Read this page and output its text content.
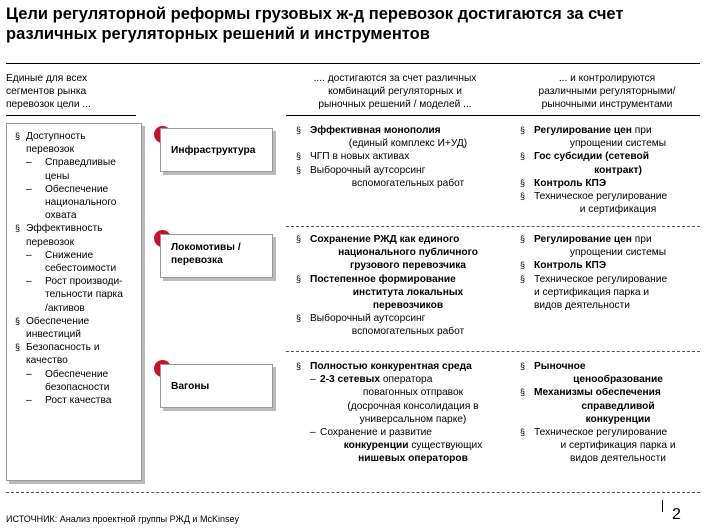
Цели регуляторной реформы грузовых ж-д перевозок достигаются за счет различных регуляторных решений и инструментов
Единые для всех
сегментов рынка
перевозок цели ...
.... достигаются за счет различных
комбинаций регуляторных и
рыночных решений / моделей ...
... и контролируются
различными регуляторными/
рыночными инструментами
§ Доступность
перевозок
– Справедливые
цены
– Обеспечение
национального
охвата
§ Эффективность
перевозок
– Снижение
себестоимости
– Рост производи-
тельности парка
/активов
§ Обеспечение
инвестиций
§ Безопасность и
качество
– Обеспечение
безопасности
– Рост качества
Инфраструктура
Локомотивы /
перевозка
Вагоны
§ Эффективная монополия
(единый комплекс И+УД)
§ ЧГП в новых активах
§ Выборочный аутсорсинг
вспомогательных работ
§ Регулирование цен при
упрощении системы
§ Гос субсидии (сетевой
контракт)
§ Контроль КПЭ
§ Техническое регулирование
и сертификация
§ Сохранение РЖД как единого
национального публичного
грузового перевозчика
§ Постепенное формирование
института локальных
перевозчиков
§ Выборочный аутсорсинг
вспомогательных работ
§ Регулирование цен при
упрощении системы
§ Контроль КПЭ
§ Техническое регулирование
и сертификация парка и
видов деятельности
§ Полностью конкурентная среда
– 2-3 сетевых оператора
повагонных отправок
(досрочная консолидация в
универсальном парке)
– Сохранение и развитие
конкуренции существующих
нишевых операторов
§ Рыночное
ценообразование
§ Механизмы обеспечения
справедливой
конкуренции
§ Техническое регулирование
и сертификация парка и
видов деятельности
ИСТОЧНИК: Анализ проектной группы РЖД и McKinsey	2
